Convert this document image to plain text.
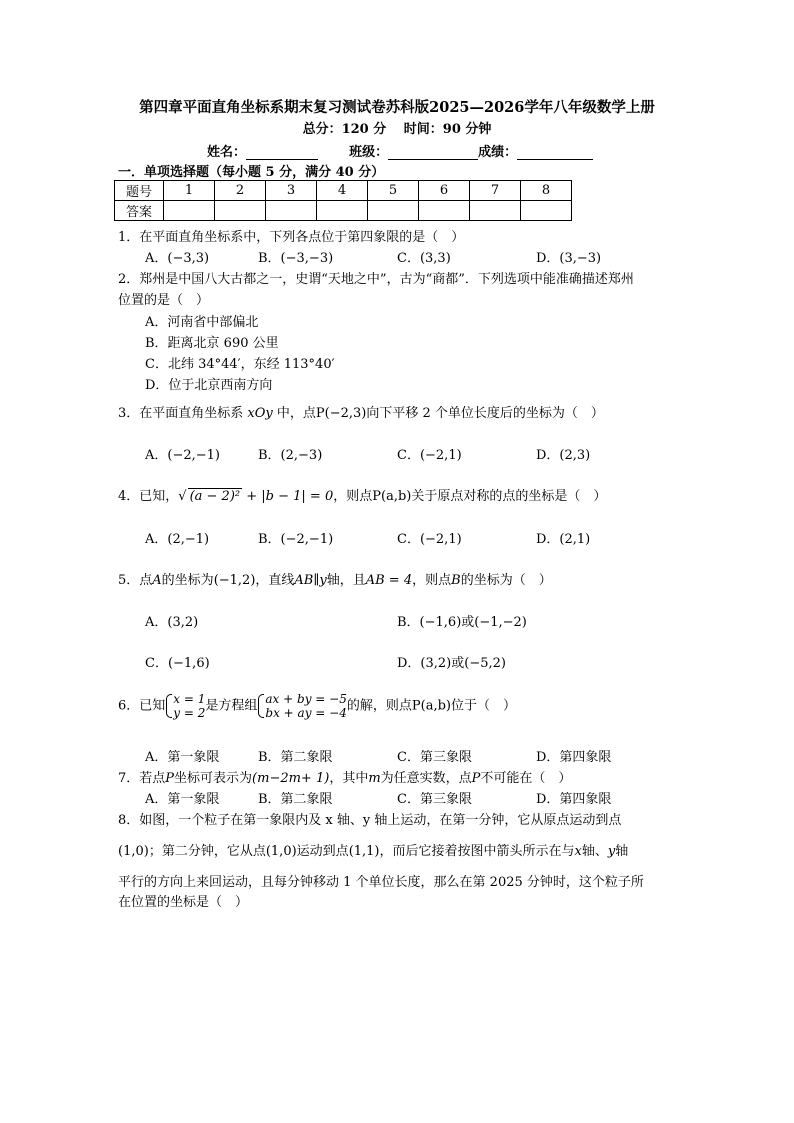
第四章平面直角坐标系期末复习测试卷苏科版2025—2026学年八年级数学上册
总分：120 分　 时间：90 分钟
姓名：	班级：	成绩：
一．单项选择题（每小题 5 分，满分 40 分）
题号	1	2	3	4	5	6	7	8
答案								
1．在平面直角坐标系中，下列各点位于第四象限的是（　）
A．(−3,3)	B．(−3,−3)	C．(3,3)	D．(3,−3)
2．郑州是中国八大古都之一，史谓“天地之中”，古为“商都”．下列选项中能准确描述郑州
位置的是（　）
A．河南省中部偏北
B．距离北京 690 公里
C．北纬 34°44′，东经 113°40′
D．位于北京西南方向
3．在平面直角坐标系 xOy 中，点P(−2,3)向下平移 2 个单位长度后的坐标为（　）
A．(−2,−1)	B．(2,−3)	C．(−2,1)	D．(2,3)
4．已知，√ (a − 2)² + |b − 1| = 0，则点P(a,b)关于原点对称的点的坐标是（　）
A．(2,−1)	B．(−2,−1)	C．(−2,1)	D．(2,1)
5．点A的坐标为(−1,2)，直线AB∥y轴，且AB = 4，则点B的坐标为（　）
A．(3,2)	B．(−1,6)或(−1,−2)
C．(−1,6)	D．(3,2)或(−5,2)
6．已知 x = 1
y = 2 是方程组 ax + by = −5
bx + ay = −4 的解，则点P(a,b)位于（　）
A．第一象限	B．第二象限	C．第三象限	D．第四象限
7．若点P坐标可表示为(m−2m+ 1)，其中m为任意实数，点P不可能在（　）
A．第一象限	B．第二象限	C．第三象限	D．第四象限
8．如图，一个粒子在第一象限内及 x 轴、y 轴上运动，在第一分钟，它从原点运动到点
(1,0)；第二分钟，它从点(1,0)运动到点(1,1)，而后它接着按图中箭头所示在与x轴、y轴
平行的方向上来回运动，且每分钟移动 1 个单位长度，那么在第 2025 分钟时，这个粒子所
在位置的坐标是（　）
